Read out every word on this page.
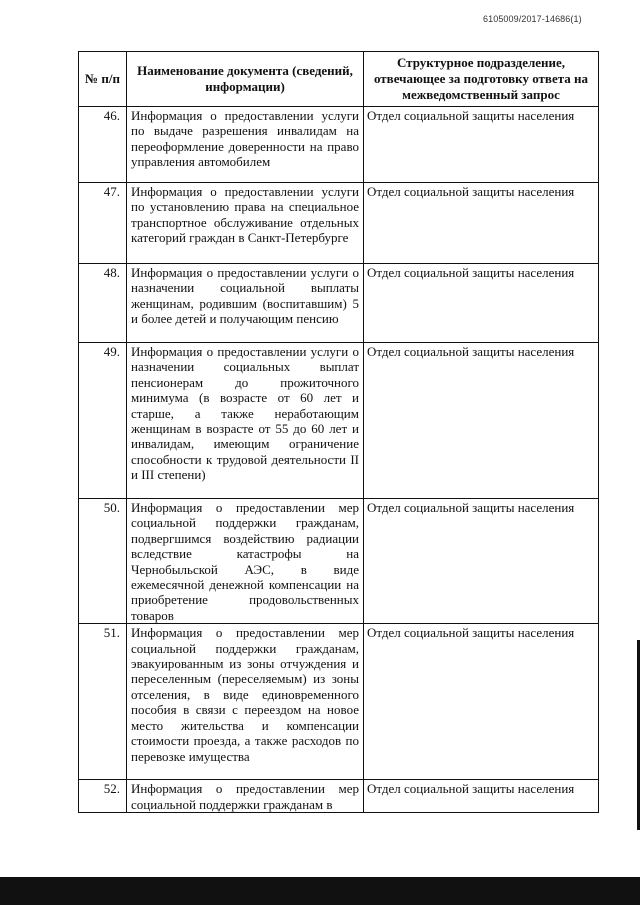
6105009/2017-14686(1)
№ п/п	Наименование документа (сведений, информации)	Структурное подразделение, отвечающее за подготовку ответа на межведомственный запрос
46.	Информация о предоставлении услуги по выдаче разрешения инвалидам на переоформление доверенности на право управления автомобилем	Отдел социальной защиты населения
47.	Информация о предоставлении услуги по установлению права на специальное транспортное обслуживание отдельных категорий граждан в Санкт-Петербурге	Отдел социальной защиты населения
48.	Информация о предоставлении услуги о назначении социальной выплаты женщинам, родившим (воспитавшим) 5 и более детей и получающим пенсию	Отдел социальной защиты населения
49.	Информация о предоставлении услуги о назначении социальных выплат пенсионерам до прожиточного минимума (в возрасте от 60 лет и старше, а также неработающим женщинам в возрасте от 55 до 60 лет и инвалидам, имеющим ограничение способности к трудовой деятельности II и III степени)	Отдел социальной защиты населения
50.	Информация о предоставлении мер социальной поддержки гражданам, подвергшимся воздействию радиации вследствие катастрофы на Чернобыльской АЭС, в виде ежемесячной денежной компенсации на приобретение продовольственных товаров	Отдел социальной защиты населения
51.	Информация о предоставлении мер социальной поддержки гражданам, эвакуированным из зоны отчуждения и переселенным (переселяемым) из зоны отселения, в виде единовременного пособия в связи с переездом на новое место жительства и компенсации стоимости проезда, а также расходов по перевозке имущества	Отдел социальной защиты населения
52.	Информация о предоставлении мер социальной поддержки гражданам в	Отдел социальной защиты населения
